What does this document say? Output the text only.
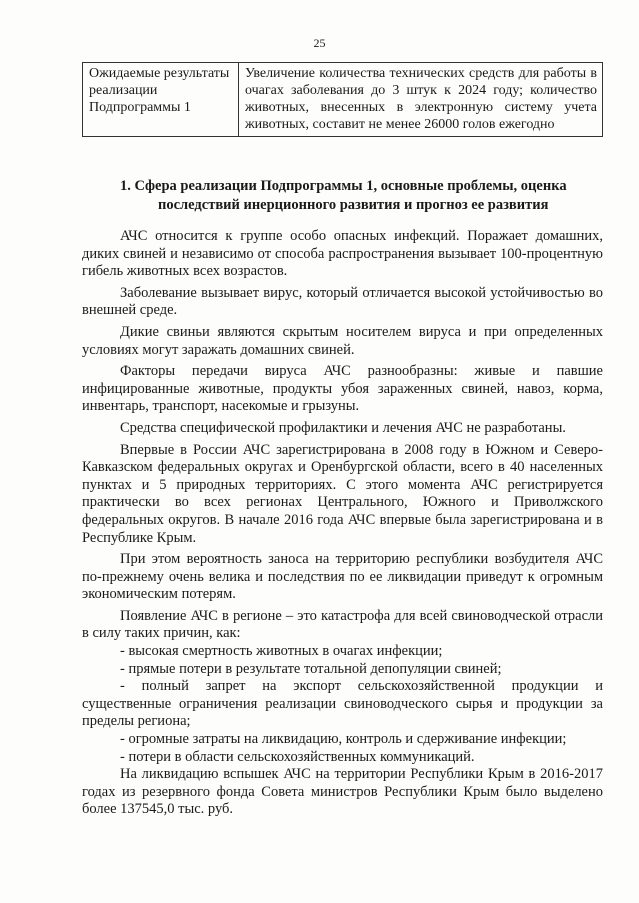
25
Ожидаемые результаты реализации Подпрограммы 1	Увеличение количества технических средств для работы в очагах заболевания до 3 штук к 2024 году; количество животных, внесенных в электронную систему учета животных, составит не менее 26000 голов ежегодно
1. Сфера реализации Подпрограммы 1, основные проблемы, оценка
последствий инерционного развития и прогноз ее развития

АЧС относится к группе особо опасных инфекций. Поражает домашних, диких свиней и независимо от способа распространения вызывает 100-процентную гибель животных всех возрастов.

Заболевание вызывает вирус, который отличается высокой устойчивостью во внешней среде.

Дикие свиньи являются скрытым носителем вируса и при определенных условиях могут заражать домашних свиней.

Факторы передачи вируса АЧС разнообразны: живые и павшие инфицированные животные, продукты убоя зараженных свиней, навоз, корма, инвентарь, транспорт, насекомые и грызуны.

Средства специфической профилактики и лечения АЧС не разработаны.

Впервые в России АЧС зарегистрирована в 2008 году в Южном и Северо-Кавказском федеральных округах и Оренбургской области, всего в 40 населенных пунктах и 5 природных территориях. С этого момента АЧС регистрируется практически во всех регионах Центрального, Южного и Приволжского федеральных округов. В начале 2016 года АЧС впервые была зарегистрирована и в Республике Крым.

При этом вероятность заноса на территорию республики возбудителя АЧС по-прежнему очень велика и последствия по ее ликвидации приведут к огромным экономическим потерям.

Появление АЧС в регионе – это катастрофа для всей свиноводческой отрасли в силу таких причин, как:

- высокая смертность животных в очагах инфекции;

- прямые потери в результате тотальной депопуляции свиней;

- полный запрет на экспорт сельскохозяйственной продукции и существенные ограничения реализации свиноводческого сырья и продукции за пределы региона;

- огромные затраты на ликвидацию, контроль и сдерживание инфекции;

- потери в области сельскохозяйственных коммуникаций.

На ликвидацию вспышек АЧС на территории Республики Крым в 2016-2017 годах из резервного фонда Совета министров Республики Крым было выделено более 137545,0 тыс. руб.
